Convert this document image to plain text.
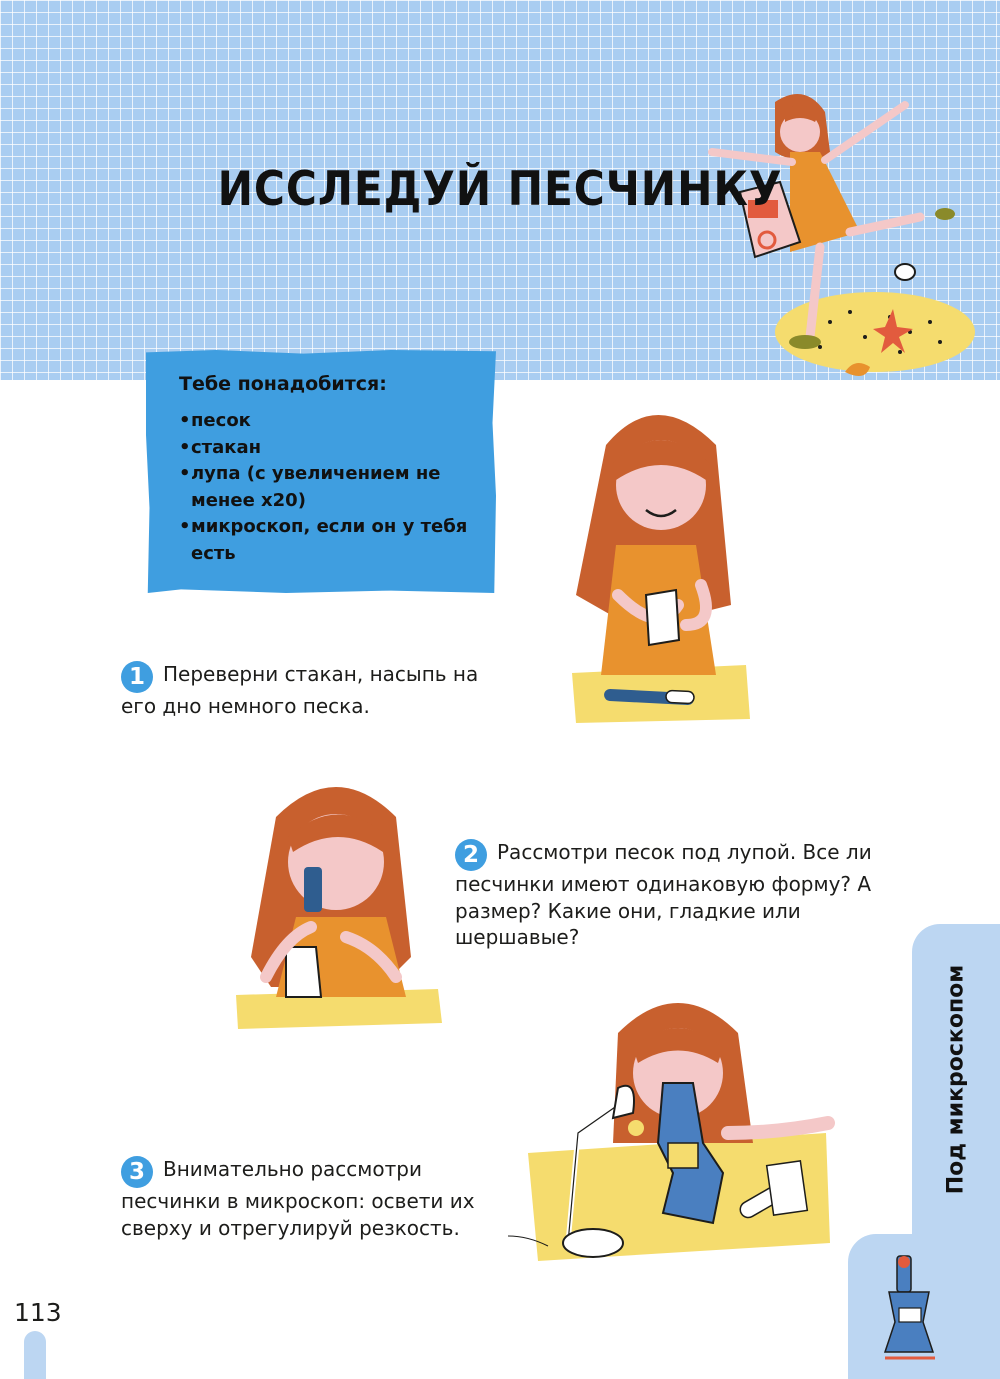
ИССЛЕДУЙ ПЕСЧИНКУ
Тебе понадобится:
• песок
• стакан
• лупа (с увеличением не менее x20)
• микроскоп, если он у тебя есть

1 Переверни стакан, насыпь на его дно немного песка.

2 Рассмотри песок под лупой. Все ли песчинки имеют одинаковую форму? А размер? Какие они, гладкие или шершавые?

Под микроскопом

3 Внимательно рассмотри песчинки в микроскоп: освети их сверху и отрегулируй резкость.

113
